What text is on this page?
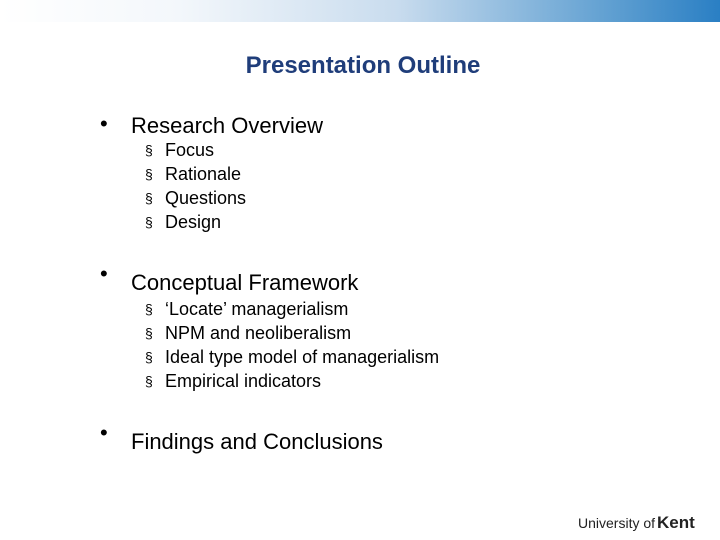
Presentation Outline
• Research Overview
§ Focus
§ Rationale
§ Questions
§ Design
• Conceptual Framework
§ ‘Locate’ managerialism
§ NPM and neoliberalism
§ Ideal type model of managerialism
§ Empirical indicators
• Findings and Conclusions
University of Kent
